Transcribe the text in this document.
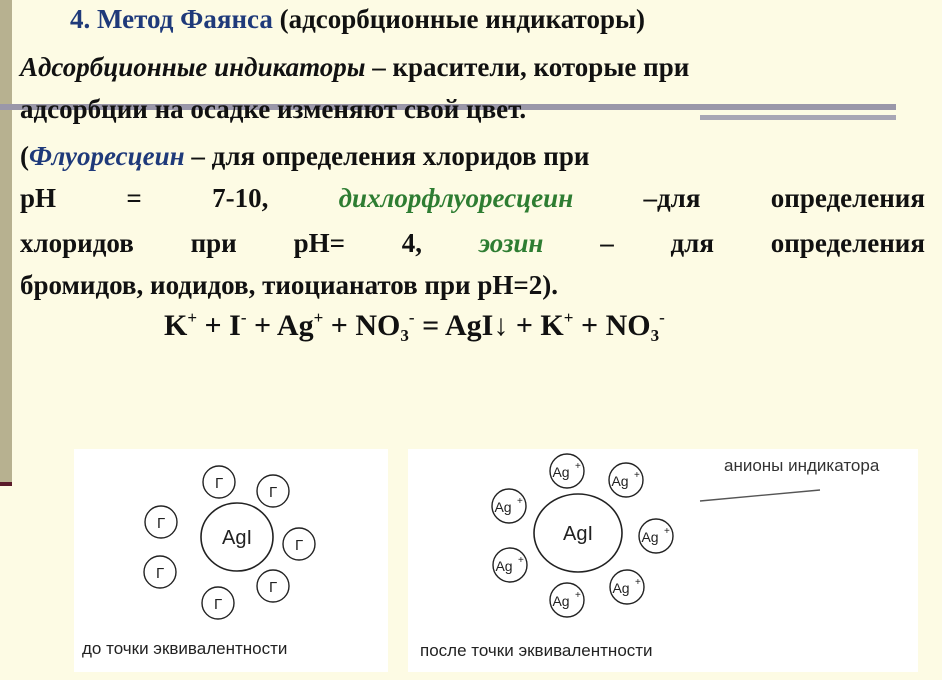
4. Метод Фаянса (адсорбционные индикаторы)
Адсорбционные индикаторы – красители, которые при
адсорбции на осадке изменяют свой цвет.
(Флуоресцеин – для определения хлоридов при
рН	=	7-10,	дихлорфлуоресцеин	–для	определения
хлоридов при рН= 4, эозин – для определения
бромидов, иодидов, тиоцианатов при рН=2).
$K^+ + I^- + Ag^+ + NO_3^-$ = AgI↓ + $K^+ + NO_3^-$
AgI
Г
Г
Г
Г
Г
Г
Г
до точки эквивалентности
AgI
Ag +
Ag +
Ag +
Ag +
Ag +
Ag +
Ag +
анионы индикатора
после точки эквивалентности
